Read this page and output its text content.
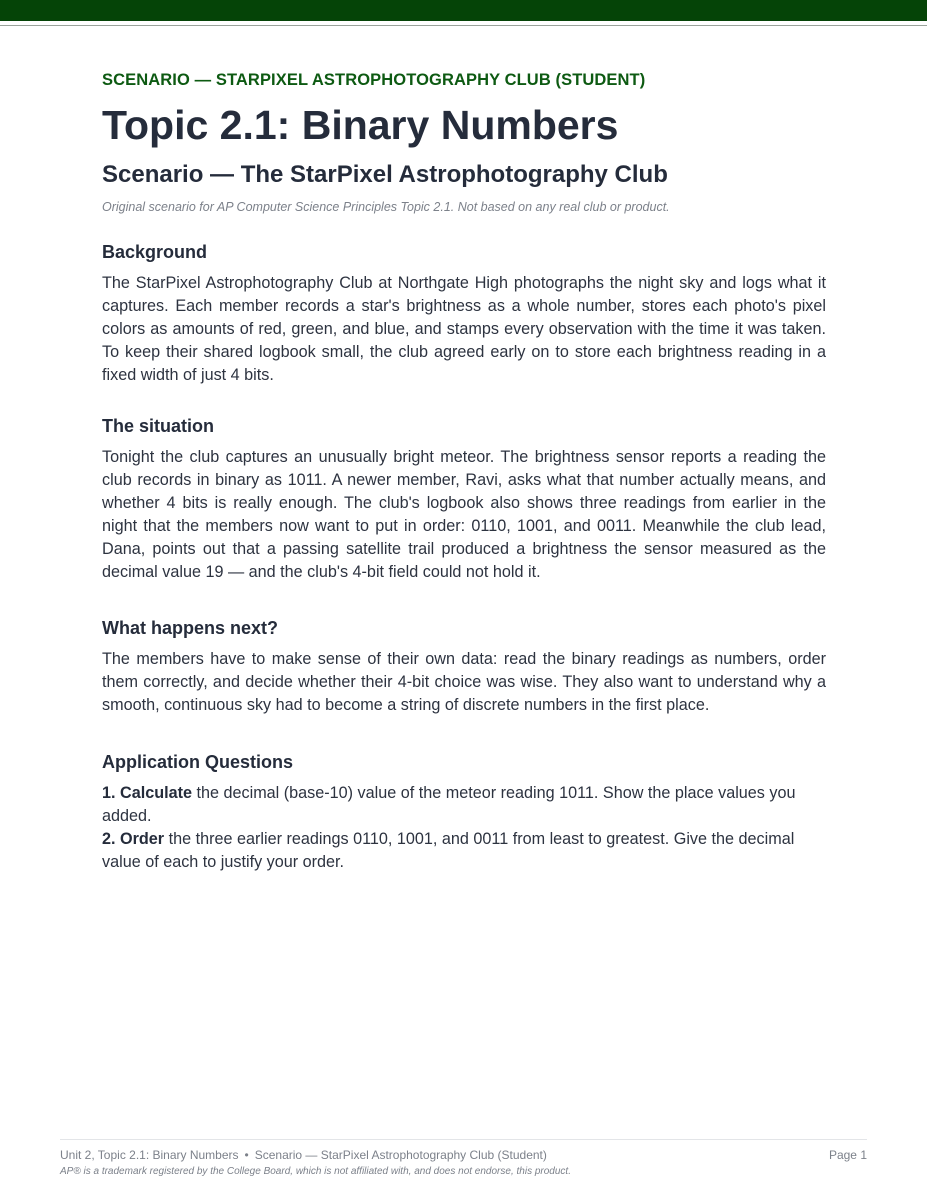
SCENARIO — STARPIXEL ASTROPHOTOGRAPHY CLUB (STUDENT)

Topic 2.1: Binary Numbers
Scenario — The StarPixel Astrophotography Club

Original scenario for AP Computer Science Principles Topic 2.1. Not based on any real club or product.

Background

The StarPixel Astrophotography Club at Northgate High photographs the night sky and logs what it captures. Each member records a star's brightness as a whole number, stores each photo's pixel colors as amounts of red, green, and blue, and stamps every observation with the time it was taken. To keep their shared logbook small, the club agreed early on to store each brightness reading in a fixed width of just 4 bits.

The situation

Tonight the club captures an unusually bright meteor. The brightness sensor reports a reading the club records in binary as 1011. A newer member, Ravi, asks what that number actually means, and whether 4 bits is really enough. The club's logbook also shows three readings from earlier in the night that the members now want to put in order: 0110, 1001, and 0011. Meanwhile the club lead, Dana, points out that a passing satellite trail produced a brightness the sensor measured as the decimal value 19 — and the club's 4-bit field could not hold it.

What happens next?

The members have to make sense of their own data: read the binary readings as numbers, order them correctly, and decide whether their 4-bit choice was wise. They also want to understand why a smooth, continuous sky had to become a string of discrete numbers in the first place.

Application Questions

1. Calculate the decimal (base-10) value of the meteor reading 1011. Show the place values you added.

2. Order the three earlier readings 0110, 1001, and 0011 from least to greatest. Give the decimal value of each to justify your order.

Unit 2, Topic 2.1: Binary Numbers • Scenario — StarPixel Astrophotography Club (Student)	Page 1
AP® is a trademark registered by the College Board, which is not affiliated with, and does not endorse, this product.
